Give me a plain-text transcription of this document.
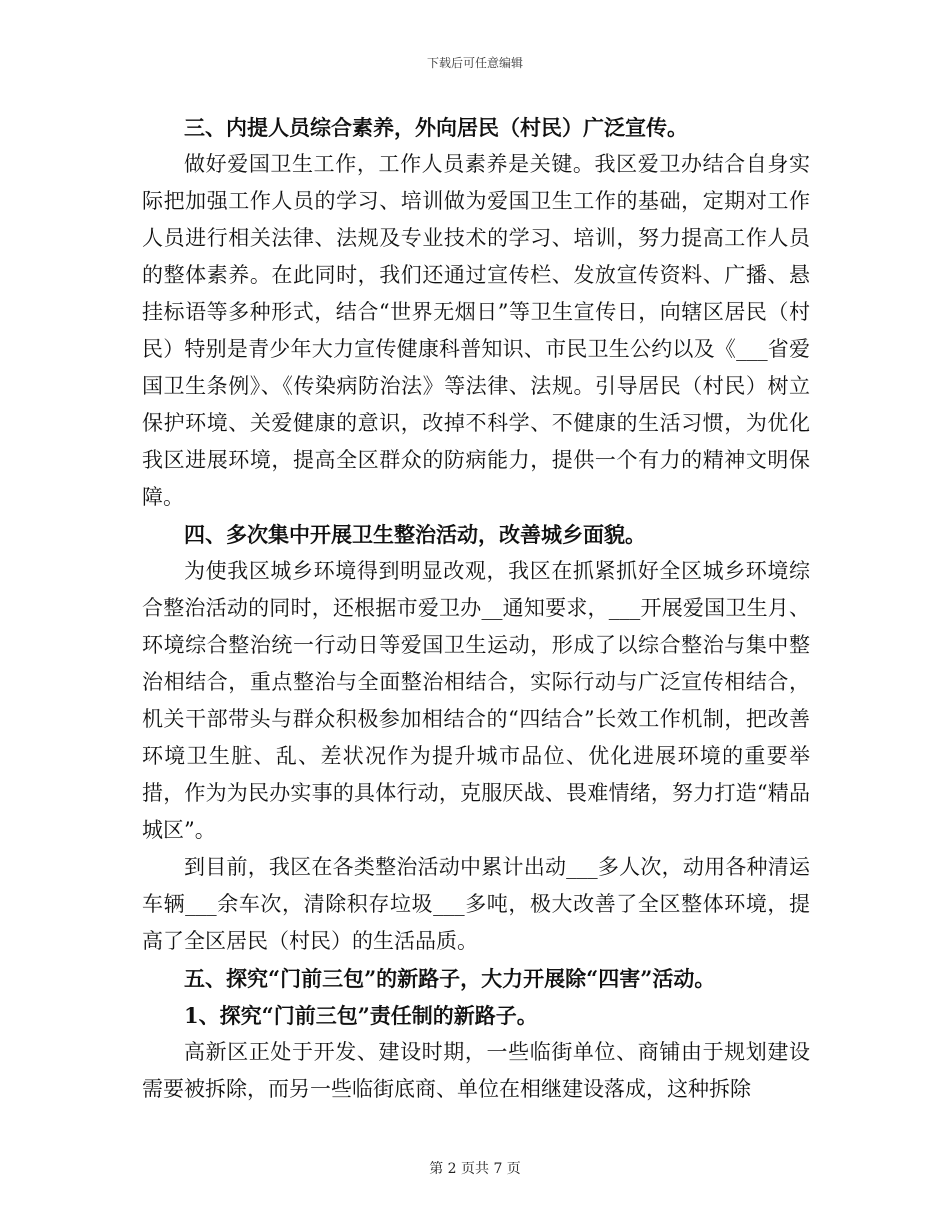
下载后可任意编辑

三、内提人员综合素养，外向居民（村民）广泛宣传。

做好爱国卫生工作，工作人员素养是关键。我区爱卫办结合自身实际把加强工作人员的学习、培训做为爱国卫生工作的基础，定期对工作人员进行相关法律、法规及专业技术的学习、培训，努力提高工作人员的整体素养。在此同时，我们还通过宣传栏、发放宣传资料、广播、悬挂标语等多种形式，结合“世界无烟日”等卫生宣传日，向辖区居民（村民）特别是青少年大力宣传健康科普知识、市民卫生公约以及《___省爱国卫生条例》、《传染病防治法》等法律、法规。引导居民（村民）树立保护环境、关爱健康的意识，改掉不科学、不健康的生活习惯，为优化我区进展环境，提高全区群众的防病能力，提供一个有力的精神文明保障。

四、多次集中开展卫生整治活动，改善城乡面貌。

为使我区城乡环境得到明显改观，我区在抓紧抓好全区城乡环境综合整治活动的同时，还根据市爱卫办__通知要求，___开展爱国卫生月、环境综合整治统一行动日等爱国卫生运动，形成了以综合整治与集中整治相结合，重点整治与全面整治相结合，实际行动与广泛宣传相结合，机关干部带头与群众积极参加相结合的“四结合”长效工作机制，把改善环境卫生脏、乱、差状况作为提升城市品位、优化进展环境的重要举措，作为为民办实事的具体行动，克服厌战、畏难情绪，努力打造“精品城区”。

到目前，我区在各类整治活动中累计出动___多人次，动用各种清运车辆___余车次，清除积存垃圾___多吨，极大改善了全区整体环境，提高了全区居民（村民）的生活品质。

五、探究“门前三包”的新路子，大力开展除“四害”活动。

1、探究“门前三包”责任制的新路子。

高新区正处于开发、建设时期，一些临街单位、商铺由于规划建设需要被拆除，而另一些临街底商、单位在相继建设落成，这种拆除

第 2 页共 7 页
